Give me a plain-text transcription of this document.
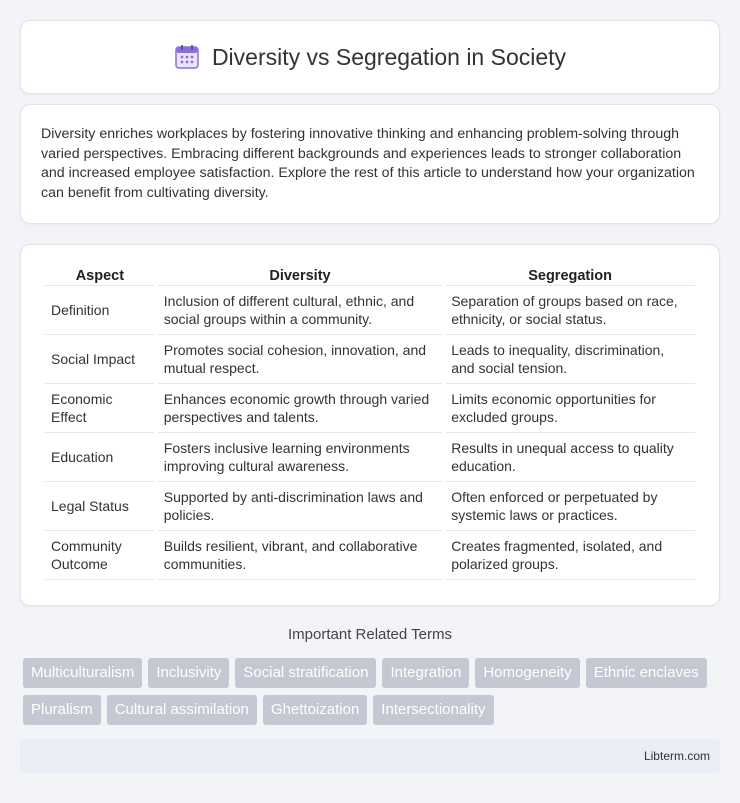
Diversity vs Segregation in Society

Diversity enriches workplaces by fostering innovative thinking and enhancing problem-solving through varied perspectives. Embracing different backgrounds and experiences leads to stronger collaboration and increased employee satisfaction. Explore the rest of this article to understand how your organization can benefit from cultivating diversity.

Aspect	Diversity	Segregation
Definition	Inclusion of different cultural, ethnic, and social groups within a community.	Separation of groups based on race, ethnicity, or social status.
Social Impact	Promotes social cohesion, innovation, and mutual respect.	Leads to inequality, discrimination, and social tension.
Economic Effect	Enhances economic growth through varied perspectives and talents.	Limits economic opportunities for excluded groups.
Education	Fosters inclusive learning environments improving cultural awareness.	Results in unequal access to quality education.
Legal Status	Supported by anti-discrimination laws and policies.	Often enforced or perpetuated by systemic laws or practices.
Community Outcome	Builds resilient, vibrant, and collaborative communities.	Creates fragmented, isolated, and polarized groups.
Important Related Terms
Multiculturalism	Inclusivity	Social stratification	Integration	Homogeneity	Ethnic enclaves
Pluralism	Cultural assimilation	Ghettoization	Intersectionality
Libterm.com
